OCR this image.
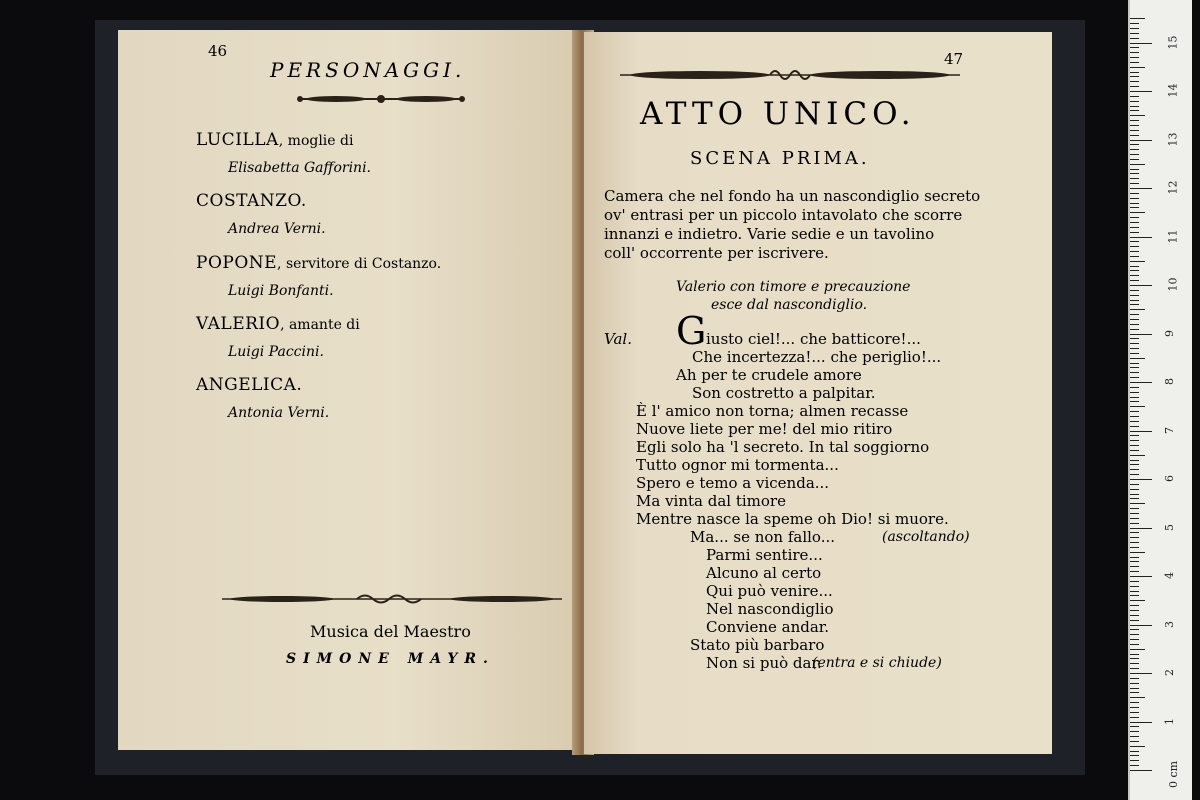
46
PERSONAGGI.
LUCILLA, moglie di
Elisabetta Gafforini.
COSTANZO.
Andrea Verni.
POPONE, servitore di Costanzo.
Luigi Bonfanti.
VALERIO, amante di
Luigi Paccini.
ANGELICA.
Antonia Verni.
Musica del Maestro
SIMONE MAYR.
47
ATTO UNICO.
SCENA PRIMA.
Camera che nel fondo ha un nascondiglio secreto
ov' entrasi per un piccolo intavolato che scorre
innanzi e indietro. Varie sedie e un tavolino
coll' occorrente per iscrivere.
Valerio con timore e precauzione
esce dal nascondiglio.
Val. G iusto ciel!... che batticore!...
Che incertezza!... che periglio!...
Ah per te crudele amore
Son costretto a palpitar.
È l' amico non torna; almen recasse
Nuove liete per me! del mio ritiro
Egli solo ha 'l secreto. In tal soggiorno
Tutto ognor mi tormenta...
Spero e temo a vicenda...
Ma vinta dal timore
Mentre nasce la speme oh Dio! si muore.
Ma... se non fallo...	(ascoltando)
Parmi sentire...
Alcuno al certo
Qui può venire...
Nel nascondiglio
Conviene andar.
Stato più barbaro
Non si può dar.
(entra e si chiude)
1
2
3
4
5
6
7
8
9
10
11
12
13
14
15
0 cm
